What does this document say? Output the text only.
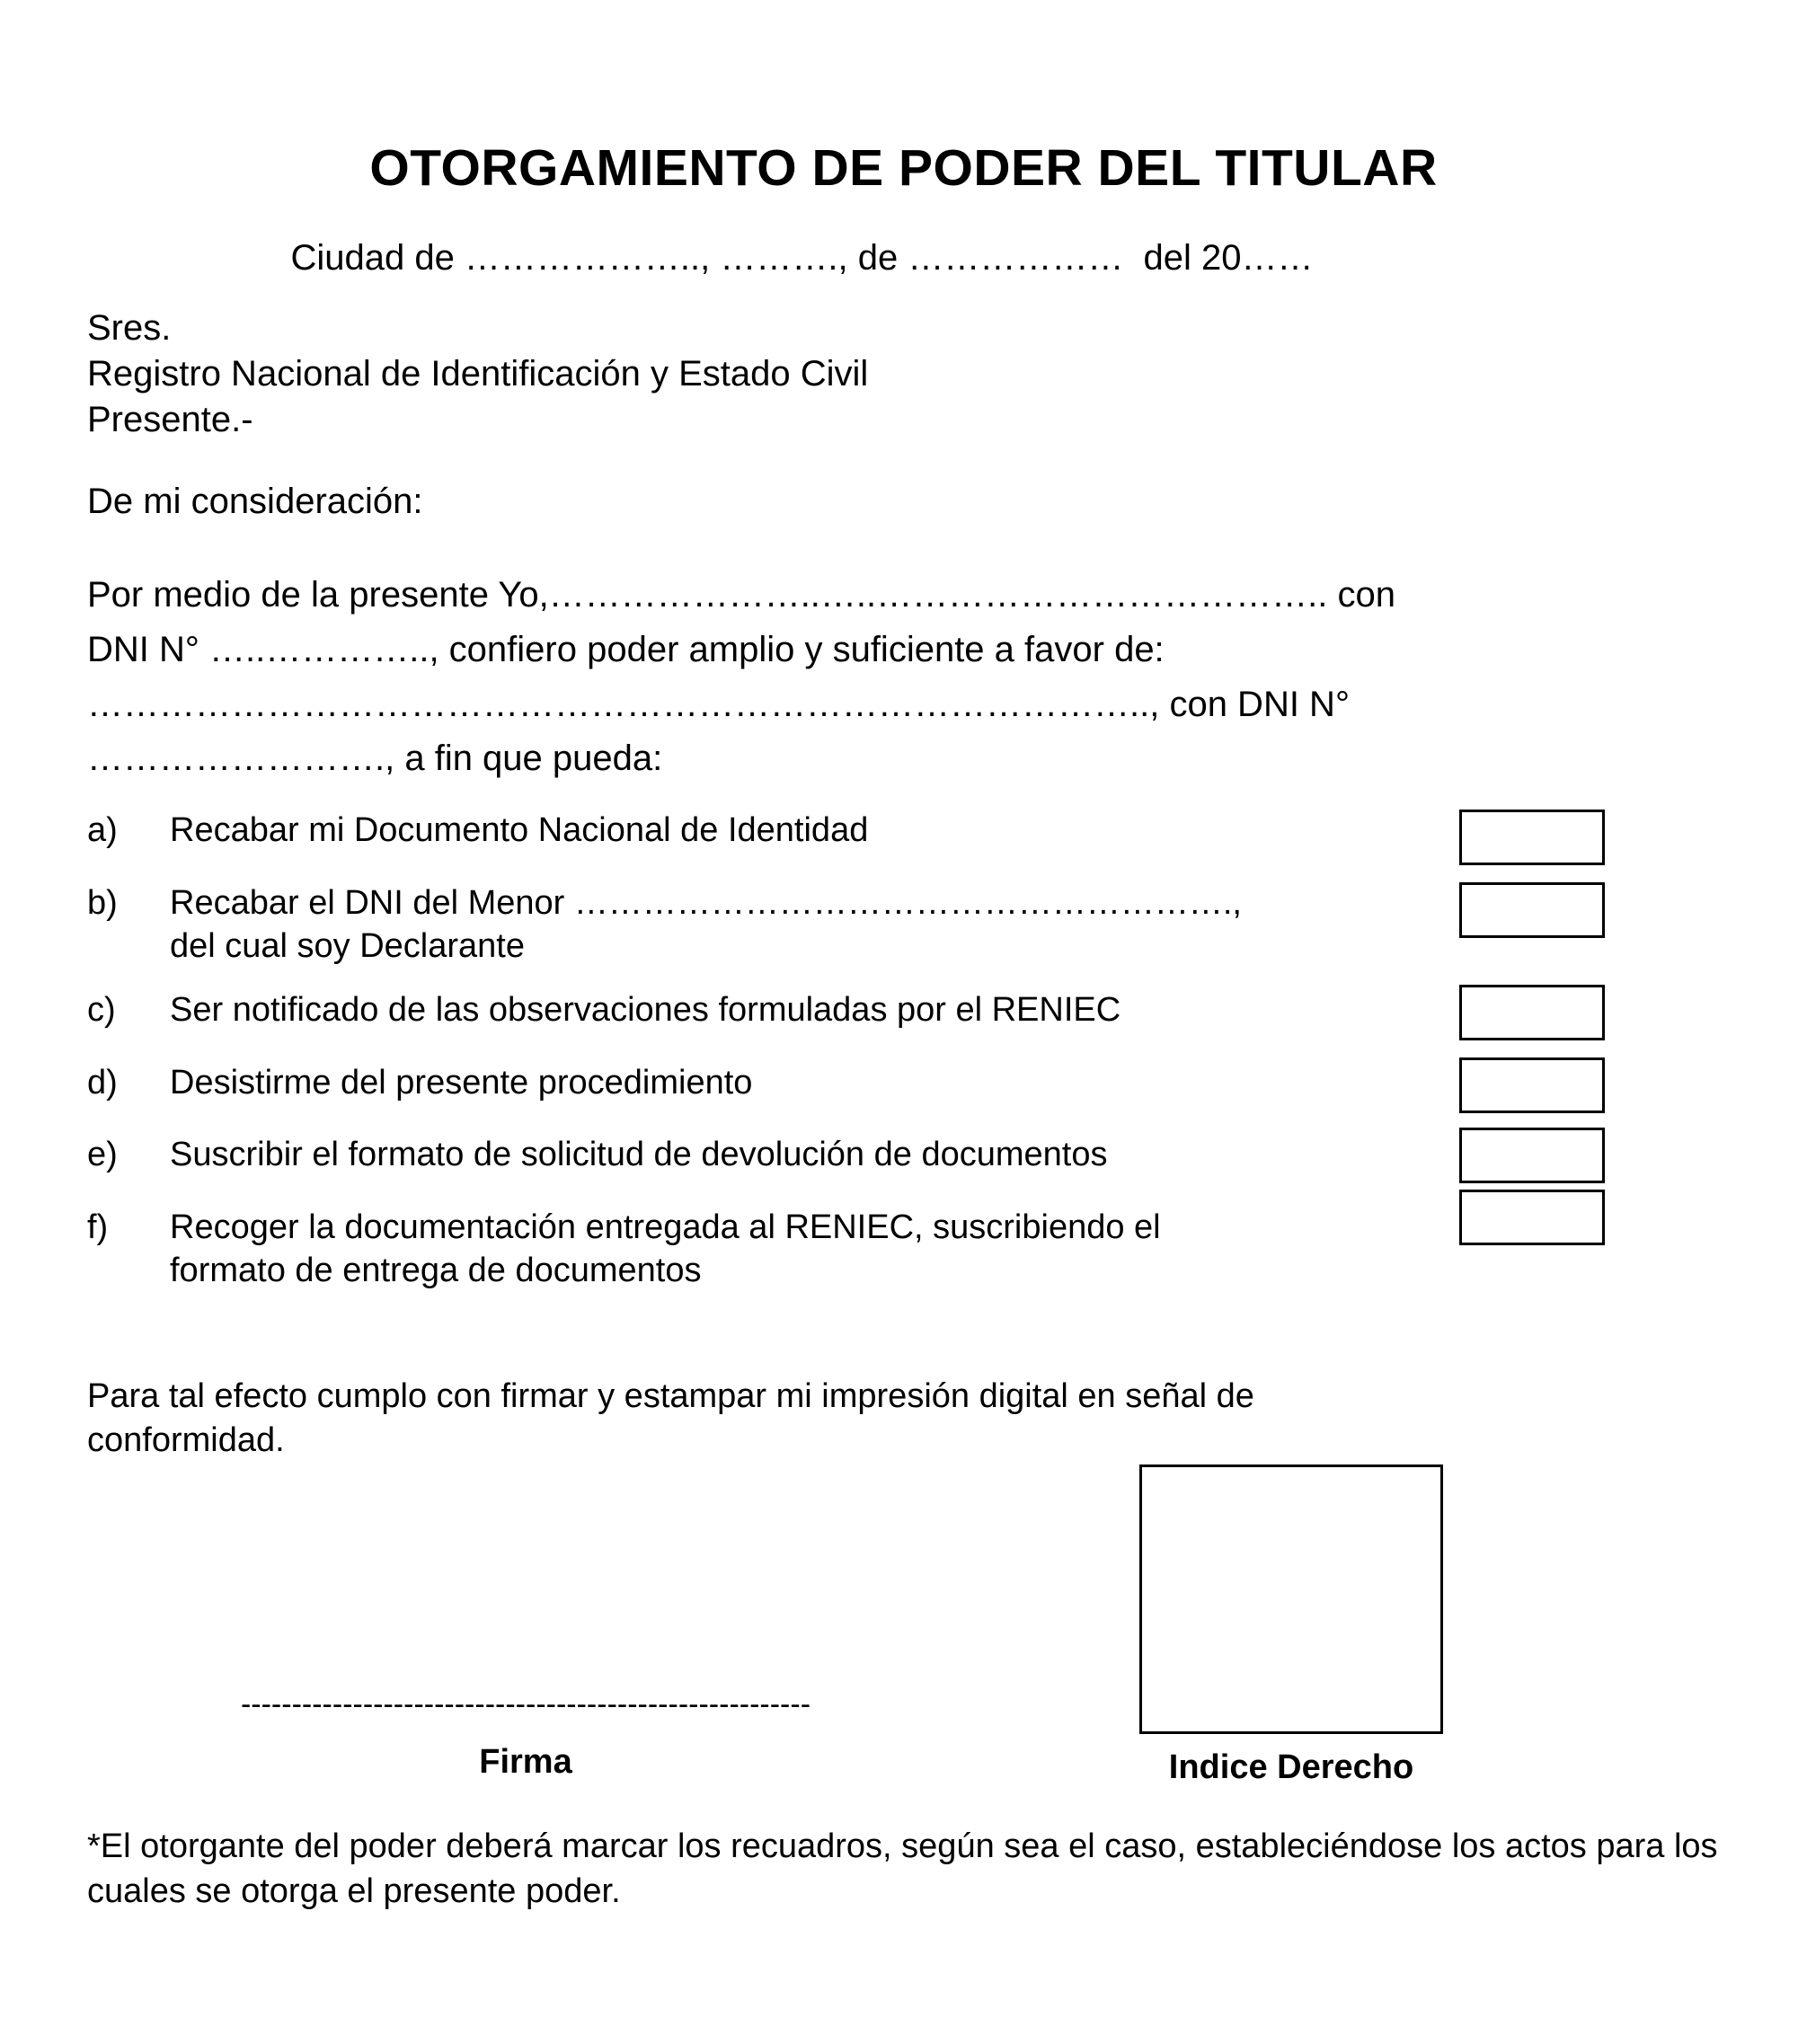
OTORGAMIENTO DE PODER DEL TITULAR
Ciudad de ……………….., ………., de ………………  del 20……
Sres.
Registro Nacional de Identificación y Estado Civil
Presente.-
De mi consideración:
Por medio de la presente Yo,…………………..…..……………………………….. con
DNI N° …..………….., confiero poder amplio y suficiente a favor de:
…………………………………………………………………………….., con DNI N°
……………………., a fin que pueda:
a)	Recabar mi Documento Nacional de Identidad
b)	Recabar el DNI del Menor ………………………………………………….,
del cual soy Declarante
c)	Ser notificado de las observaciones formuladas por el RENIEC
d)	Desistirme del presente procedimiento
e)	Suscribir el formato de solicitud de devolución de documentos
f)	Recoger la documentación entregada al RENIEC, suscribiendo el
formato de entrega de documentos
Para tal efecto cumplo con firmar y estampar mi impresión digital en señal de conformidad.
--------------------------------------------------------
Firma	Indice Derecho
*El otorgante del poder deberá marcar los recuadros, según sea el caso, estableciéndose los actos para los cuales se otorga el presente poder.
